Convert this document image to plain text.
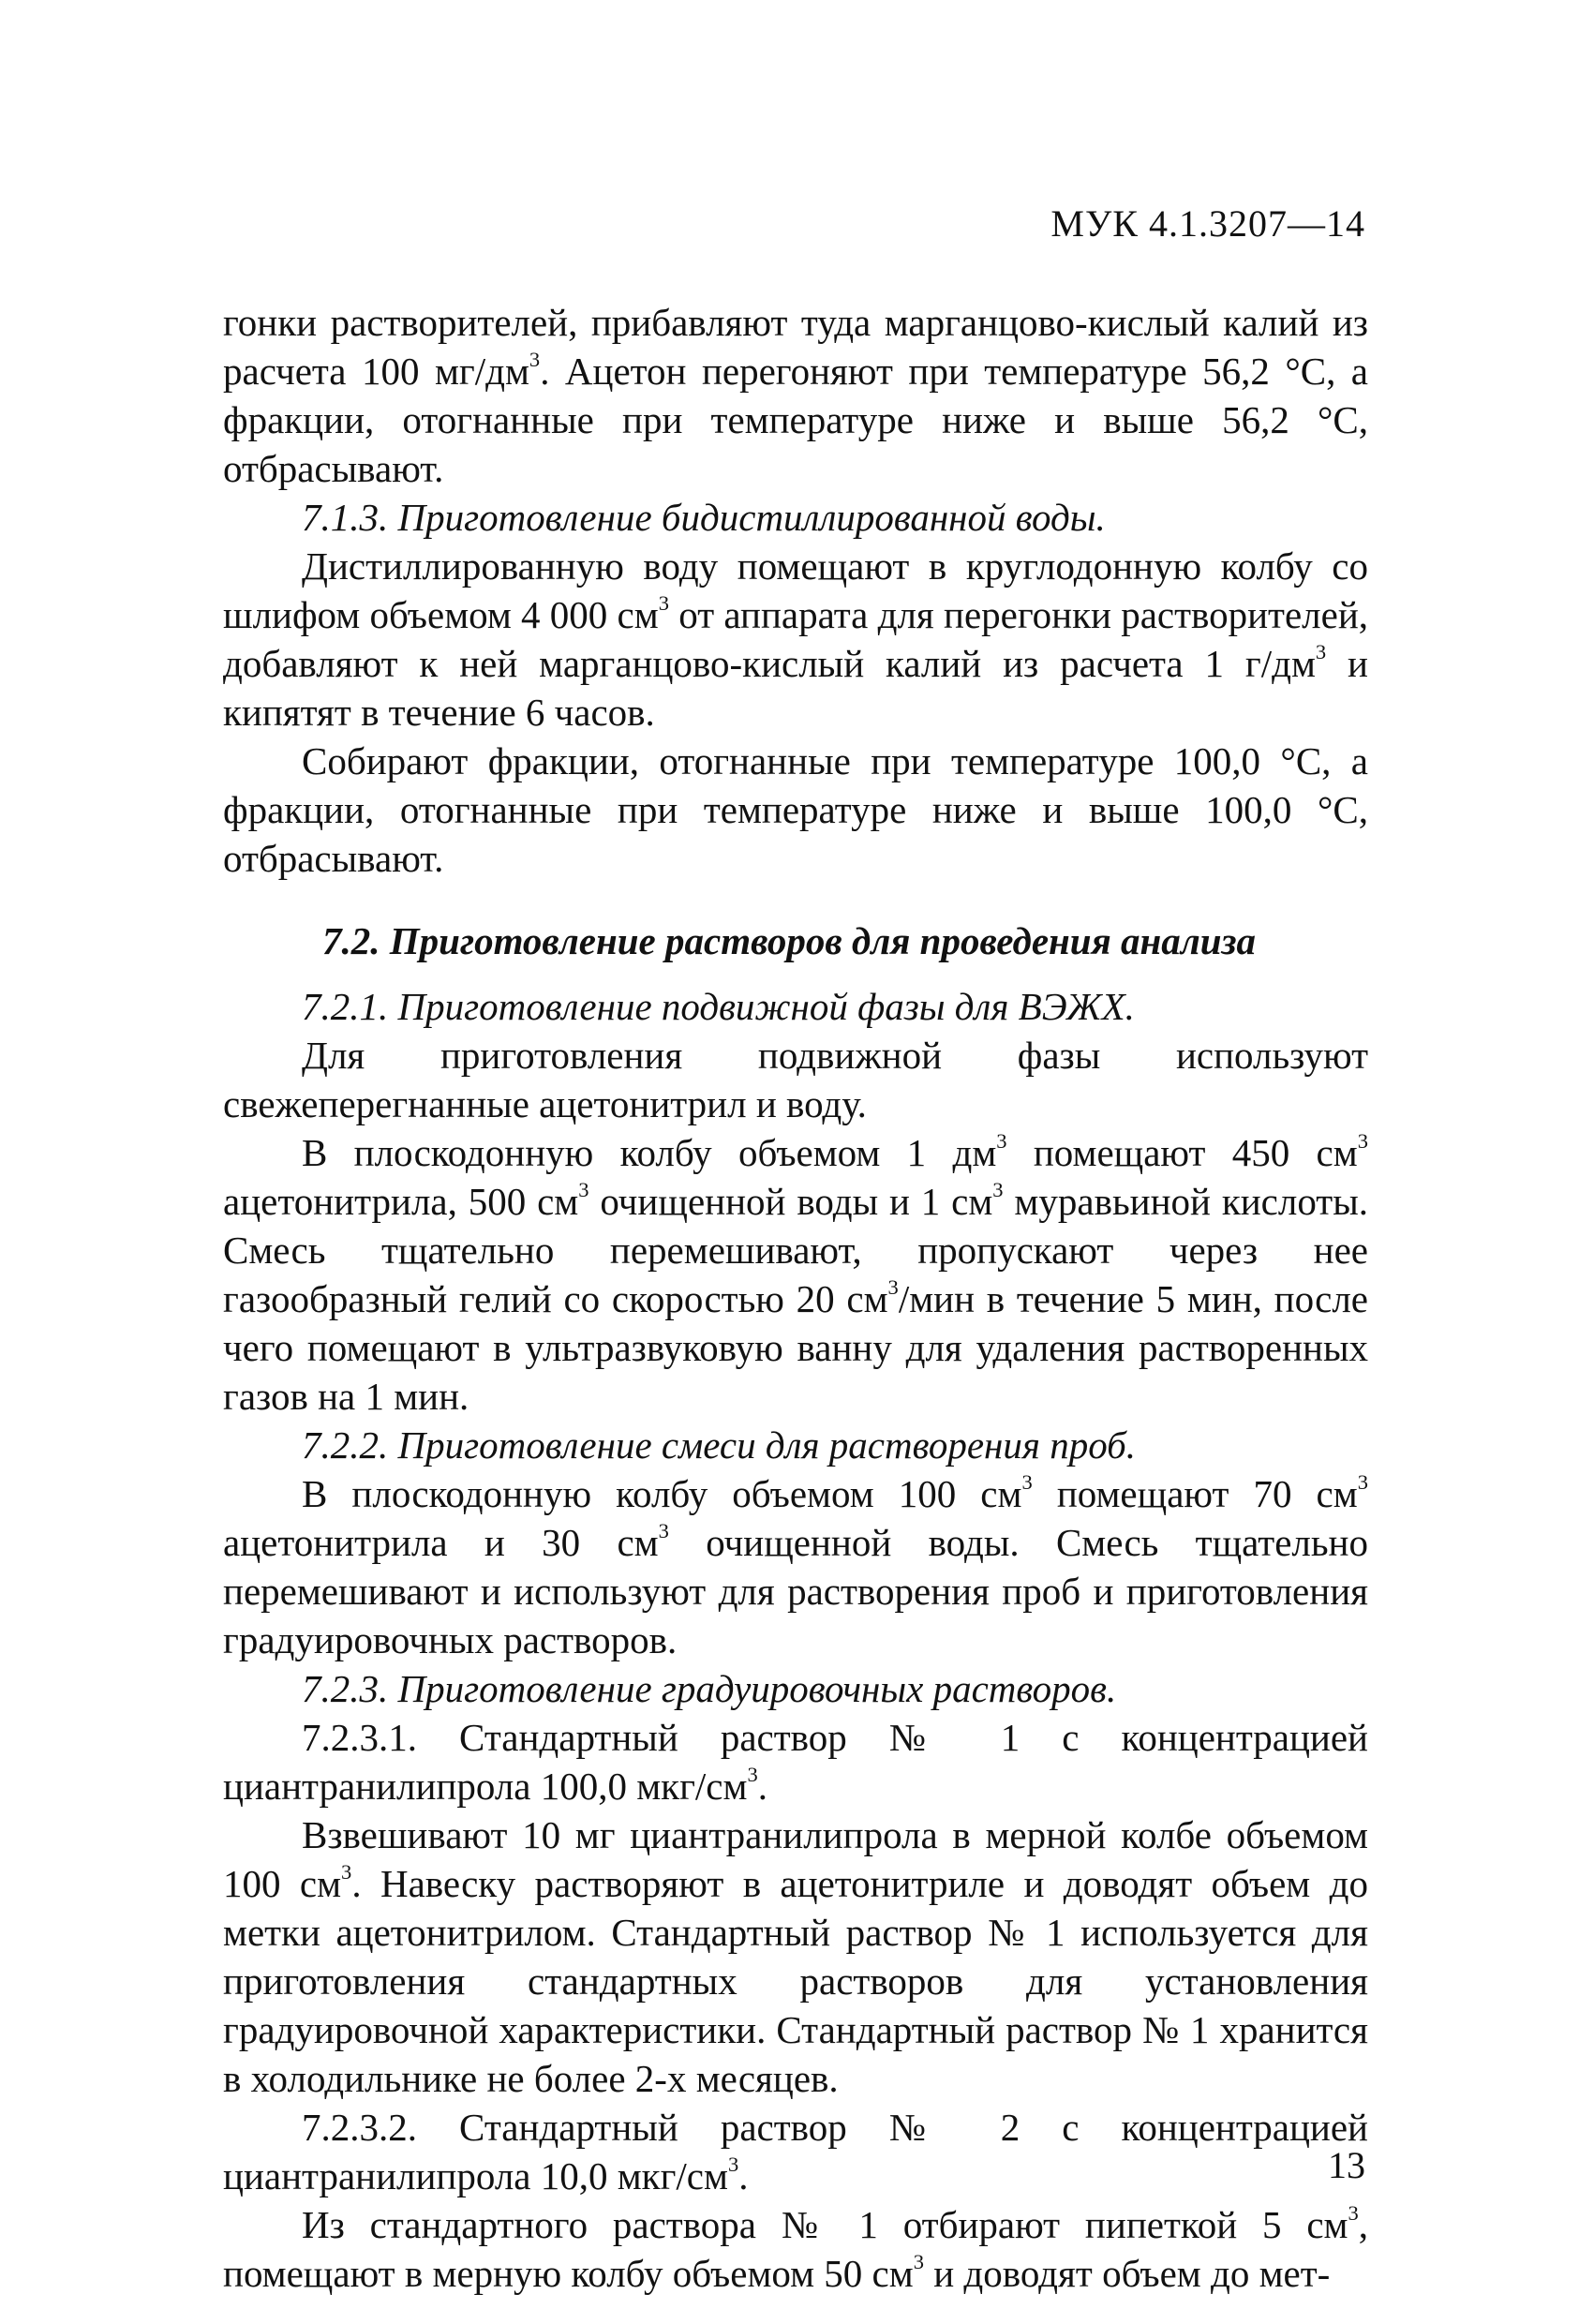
МУК 4.1.3207—14

гонки растворителей, прибавляют туда марганцово-кислый калий из расчета 100 $мг/дм^3$. Ацетон перегоняют при температуре 56,2 °С, а фракции, отогнанные при температуре ниже и выше 56,2 °С, отбрасывают.

7.1.3. Приготовление бидистиллированной воды.

Дистиллированную воду помещают в круглодонную колбу со шлифом объемом 4 000 $см^3$ от аппарата для перегонки растворителей, добавляют к ней марганцово-кислый калий из расчета 1 $г/дм^3$ и кипятят в течение 6 часов.

Собирают фракции, отогнанные при температуре 100,0 °С, а фракции, отогнанные при температуре ниже и выше 100,0 °С, отбрасывают.

7.2. Приготовление растворов для проведения анализа

7.2.1. Приготовление подвижной фазы для ВЭЖХ.

Для приготовления подвижной фазы используют свежеперегнанные ацетонитрил и воду.

В плоскодонную колбу объемом 1 $дм^3$ помещают 450 $см^3$ ацетонитрила, 500 $см^3$ очищенной воды и 1 $см^3$ муравьиной кислоты. Смесь тщательно перемешивают, пропускают через нее газообразный гелий со скоростью 20 $см^3$/мин в течение 5 мин, после чего помещают в ультразвуковую ванну для удаления растворенных газов на 1 мин.

7.2.2. Приготовление смеси для растворения проб.

В плоскодонную колбу объемом 100 $см^3$ помещают 70 $см^3$ ацетонитрила и 30 $см^3$ очищенной воды. Смесь тщательно перемешивают и используют для растворения проб и приготовления градуировочных растворов.

7.2.3. Приготовление градуировочных растворов.

7.2.3.1. Стандартный раствор № 1 с концентрацией циантранилипрола 100,0 мкг/$см^3$.

Взвешивают 10 мг циантранилипрола в мерной колбе объемом 100 $см^3$. Навеску растворяют в ацетонитриле и доводят объем до метки ацетонитрилом. Стандартный раствор № 1 используется для приготовления стандартных растворов для установления градуировочной характеристики. Стандартный раствор № 1 хранится в холодильнике не более 2-х месяцев.

7.2.3.2. Стандартный раствор № 2 с концентрацией циантранилипрола 10,0 мкг/$см^3$.

Из стандартного раствора № 1 отбирают пипеткой 5 $см^3$, помещают в мерную колбу объемом 50 $см^3$ и доводят объем до мет-

13
